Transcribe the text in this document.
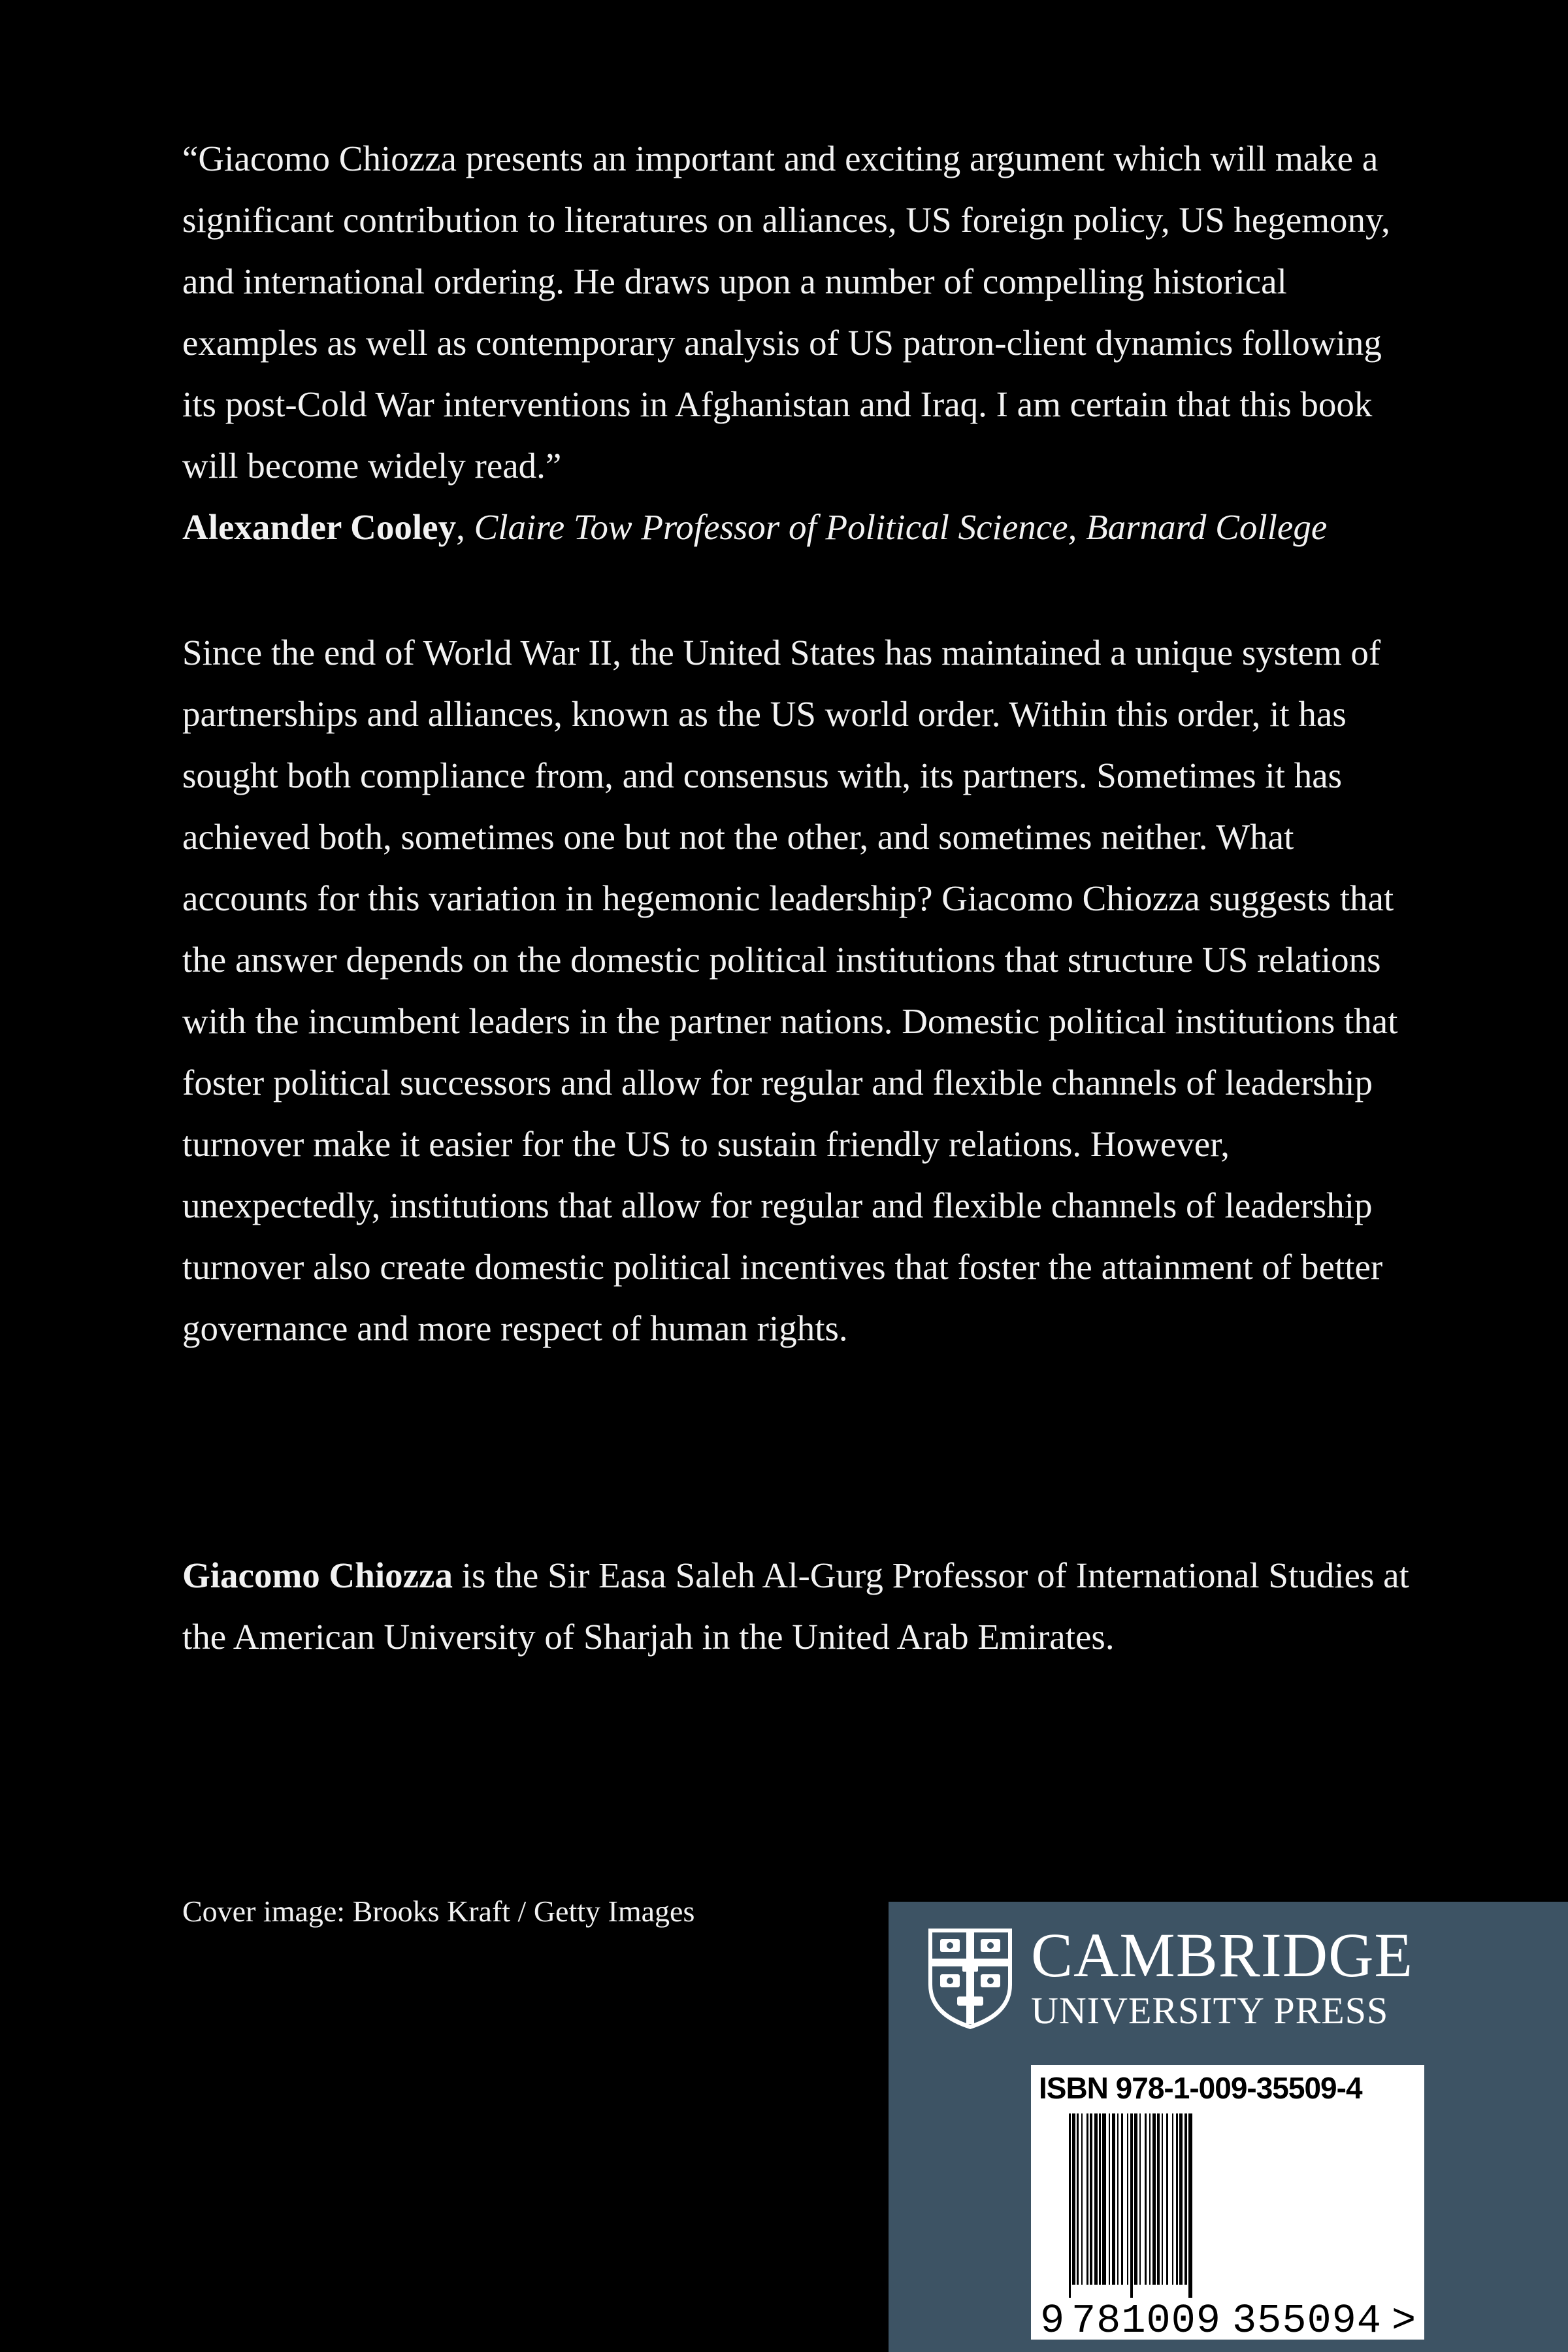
“Giacomo Chiozza presents an important and exciting argument which will make a significant contribution to literatures on alliances, US foreign policy, US hegemony, and international ordering. He draws upon a number of compelling historical examples as well as contemporary analysis of US patron-client dynamics following its post-Cold War interventions in Afghanistan and Iraq. I am certain that this book will become widely read.”
Alexander Cooley, Claire Tow Professor of Political Science, Barnard College

Since the end of World War II, the United States has maintained a unique system of partnerships and alliances, known as the US world order. Within this order, it has sought both compliance from, and consensus with, its partners. Sometimes it has achieved both, sometimes one but not the other, and sometimes neither. What accounts for this variation in hegemonic leadership? Giacomo Chiozza suggests that the answer depends on the domestic political institutions that structure US relations with the incumbent leaders in the partner nations. Domestic political institutions that foster political successors and allow for regular and flexible channels of leadership turnover make it easier for the US to sustain friendly relations. However, unexpectedly, institutions that allow for regular and flexible channels of leadership turnover also create domestic political incentives that foster the attainment of better governance and more respect of human rights.

Giacomo Chiozza is the Sir Easa Saleh Al-Gurg Professor of International Studies at the American University of Sharjah in the United Arab Emirates.

Cover image: Brooks Kraft / Getty Images
CAMBRIDGE
UNIVERSITY PRESS
ISBN 978-1-009-35509-4
9 781009 355094 >
